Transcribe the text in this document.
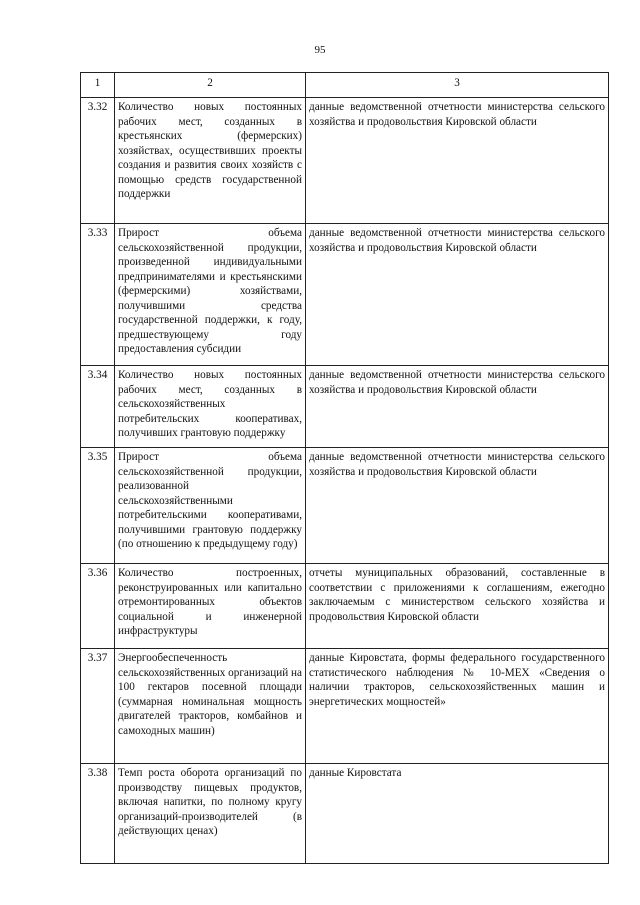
95
1	2	3
3.32	Количество новых постоянных рабочих мест, созданных в крестьянских (фермерских) хозяйствах, осуществивших проекты создания и развития своих хозяйств с помощью средств государственной поддержки	данные ведомственной отчетности министерства сельского хозяйства и продовольствия Кировской области
3.33	Прирост объема сельскохозяйственной продукции, произведенной индивидуальными предпринимателями и крестьянскими (фермерскими) хозяйствами, получившими средства государственной поддержки, к году, предшествующему году предоставления субсидии	данные ведомственной отчетности министерства сельского хозяйства и продовольствия Кировской области
3.34	Количество новых постоянных рабочих мест, созданных в сельскохозяйственных потребительских кооперативах, получивших грантовую поддержку	данные ведомственной отчетности министерства сельского хозяйства и продовольствия Кировской области
3.35	Прирост объема сельскохозяйственной продукции, реализованной сельскохозяйственными потребительскими кооперативами, получившими грантовую поддержку (по отношению к предыдущему году)	данные ведомственной отчетности министерства сельского хозяйства и продовольствия Кировской области
3.36	Количество построенных, реконструированных или капитально отремонтированных объектов социальной и инженерной инфраструктуры	отчеты муниципальных образований, составленные в соответствии с приложениями к соглашениям, ежегодно заключаемым с министерством сельского хозяйства и продовольствия Кировской области
3.37	Энергообеспеченность сельскохозяйственных организаций на 100 гектаров посевной площади (суммарная номинальная мощность двигателей тракторов, комбайнов и самоходных машин)	данные Кировстата, формы федерального государственного статистического наблюдения № 10-МЕХ «Сведения о наличии тракторов, сельскохозяйственных машин и энергетических мощностей»
3.38	Темп роста оборота организаций по производству пищевых продуктов, включая напитки, по полному кругу организаций-производителей (в действующих ценах)	данные Кировстата
